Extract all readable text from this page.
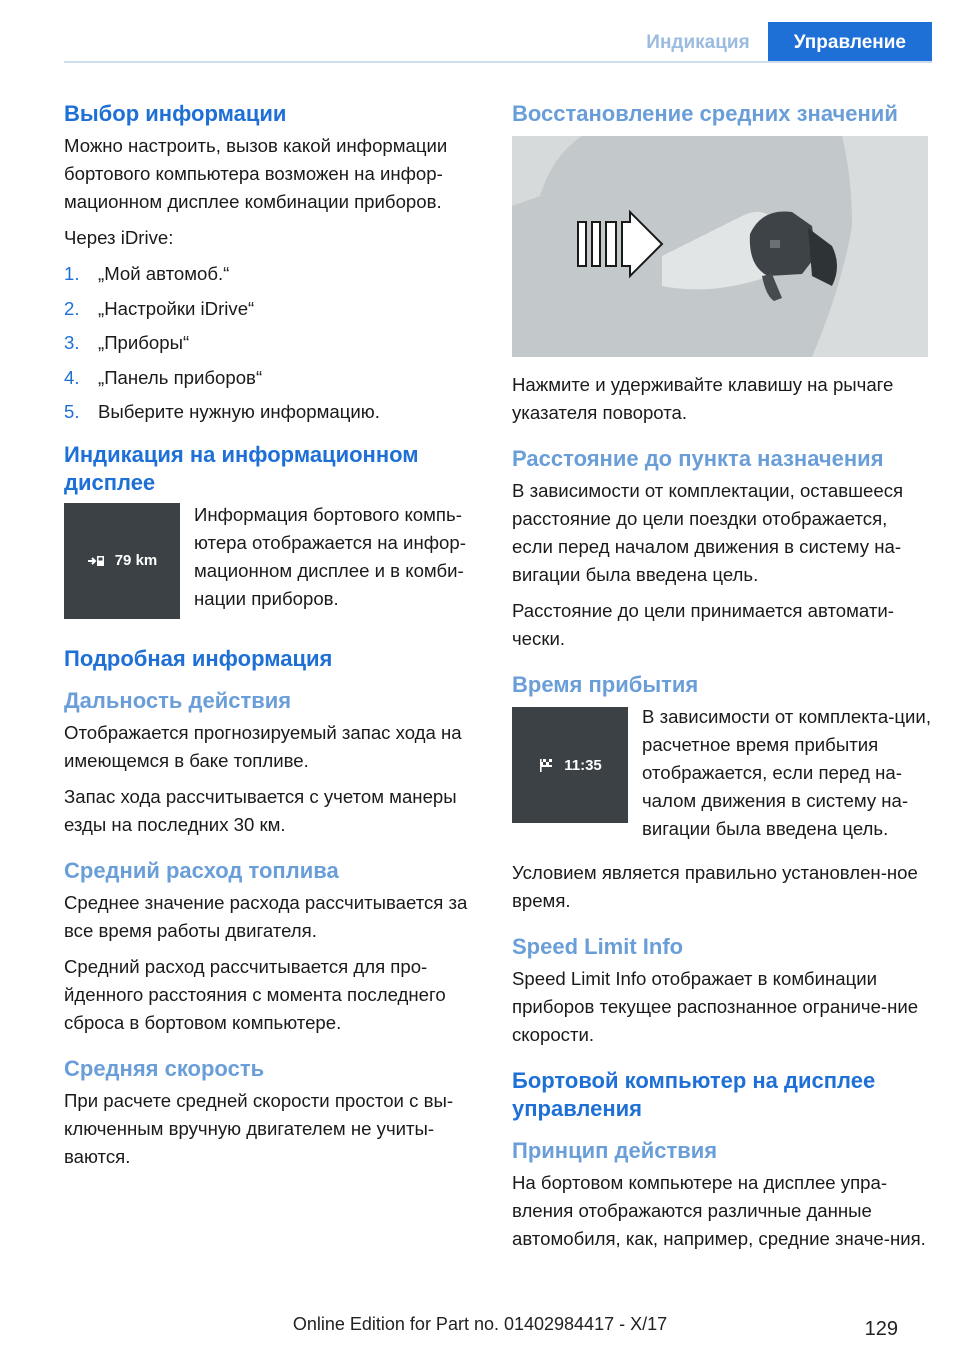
Индикация	Управление
Выбор информации

Можно настроить, вызов какой информации бортового компьютера возможен на инфор‐мационном дисплее комбинации приборов.

Через iDrive:

1. „Мой автомоб.“
2. „Настройки iDrive“
3. „Приборы“
4. „Панель приборов“
5. Выберите нужную информацию.
Индикация на информационном дисплее
79 km

Информация бортового компь‐ютера отображается на инфор‐мационном дисплее и в комби‐нации приборов.

Подробная информация
Дальность действия

Отображается прогнозируемый запас хода на имеющемся в баке топливе.

Запас хода рассчитывается с учетом манеры езды на последних 30 км.

Средний расход топлива

Среднее значение расхода рассчитывается за все время работы двигателя.

Средний расход рассчитывается для про‐йденного расстояния с момента последнего сброса в бортовом компьютере.

Средняя скорость

При расчете средней скорости простои с вы‐ключенным вручную двигателем не учиты‐ваются.

Восстановление средних значений

Нажмите и удерживайте клавишу на рычаге указателя поворота.

Расстояние до пункта назначения

В зависимости от комплектации, оставшееся расстояние до цели поездки отображается, если перед началом движения в систему на‐вигации была введена цель.

Расстояние до цели принимается автомати‐чески.

Время прибытия
11:35

В зависимости от комплекта‐ции, расчетное время прибытия отображается, если перед на‐чалом движения в систему на‐вигации была введена цель.

Условием является правильно установлен‐ное время.

Speed Limit Info

Speed Limit Info отображает в комбинации приборов текущее распознанное ограниче‐ние скорости.

Бортовой компьютер на дисплее управления
Принцип действия

На бортовом компьютере на дисплее упра‐вления отображаются различные данные автомобиля, как, например, средние значе‐ния.

Online Edition for Part no. 01402984417 - X/17	129
